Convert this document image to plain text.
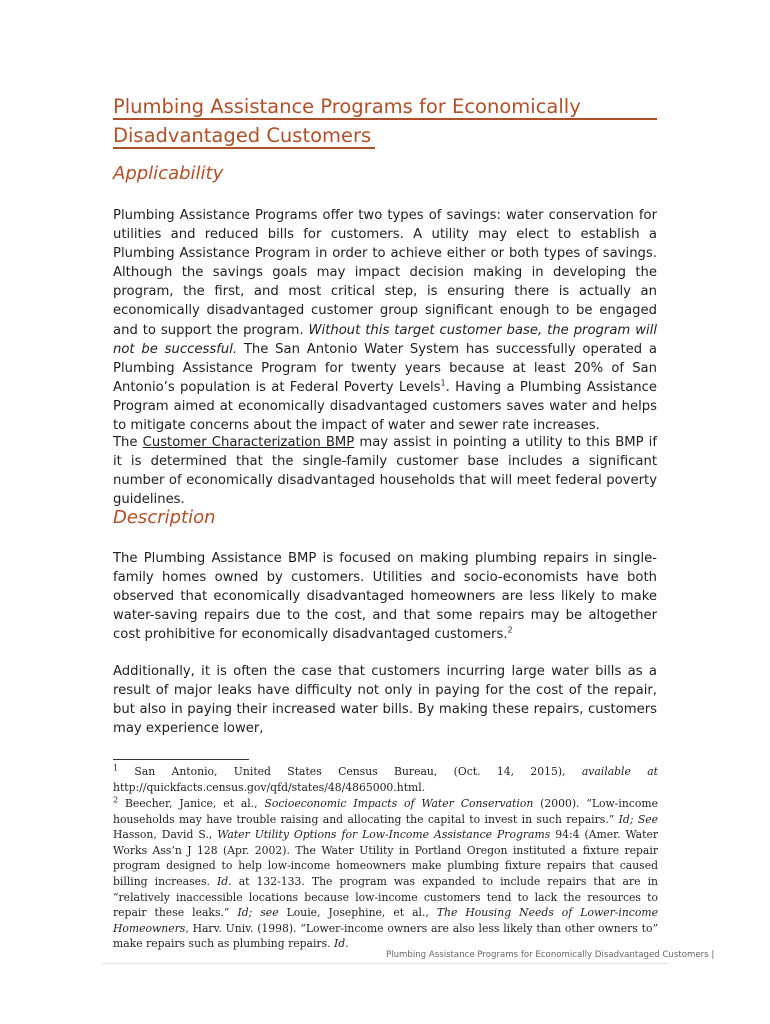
Plumbing Assistance Programs for Economically
Disadvantaged Customers
Applicability
Plumbing Assistance Programs offer two types of savings: water conservation for utilities and reduced bills for customers. A utility may elect to establish a Plumbing Assistance Program in order to achieve either or both types of savings. Although the savings goals may impact decision making in developing the program, the first, and most critical step, is ensuring there is actually an economically disadvantaged customer group significant enough to be engaged and to support the program. Without this target customer base, the program will not be successful. The San Antonio Water System has successfully operated a Plumbing Assistance Program for twenty years because at least 20% of San Antonio’s population is at Federal Poverty Levels$^1$. Having a Plumbing Assistance Program aimed at economically disadvantaged customers saves water and helps to mitigate concerns about the impact of water and sewer rate increases.
The Customer Characterization BMP may assist in pointing a utility to this BMP if it is determined that the single-family customer base includes a significant number of economically disadvantaged households that will meet federal poverty guidelines.
Description
The Plumbing Assistance BMP is focused on making plumbing repairs in single-family homes owned by customers. Utilities and socio-economists have both observed that economically disadvantaged homeowners are less likely to make water-saving repairs due to the cost, and that some repairs may be altogether cost prohibitive for economically disadvantaged customers.$^2$
Additionally, it is often the case that customers incurring large water bills as a result of major leaks have difficulty not only in paying for the cost of the repair, but also in paying their increased water bills. By making these repairs, customers may experience lower,
$^1$ San Antonio, United States Census Bureau, (Oct. 14, 2015), available at http://quickfacts.census.gov/qfd/states/48/4865000.html.
$^2$ Beecher, Janice, et al., Socioeconomic Impacts of Water Conservation (2000). “Low-income households may have trouble raising and allocating the capital to invest in such repairs.” Id; See Hasson, David S., Water Utility Options for Low-Income Assistance Programs 94:4 (Amer. Water Works Ass’n J 128 (Apr. 2002). The Water Utility in Portland Oregon instituted a fixture repair program designed to help low-income homeowners make plumbing fixture repairs that caused billing increases. Id. at 132-133. The program was expanded to include repairs that are in “relatively inaccessible locations because low-income customers tend to lack the resources to repair these leaks.” Id; see Louie, Josephine, et al., The Housing Needs of Lower-income Homeowners, Harv. Univ. (1998). “Lower-income owners are also less likely than other owners to” make repairs such as plumbing repairs. Id.
Plumbing Assistance Programs for Economically Disadvantaged Customers |
